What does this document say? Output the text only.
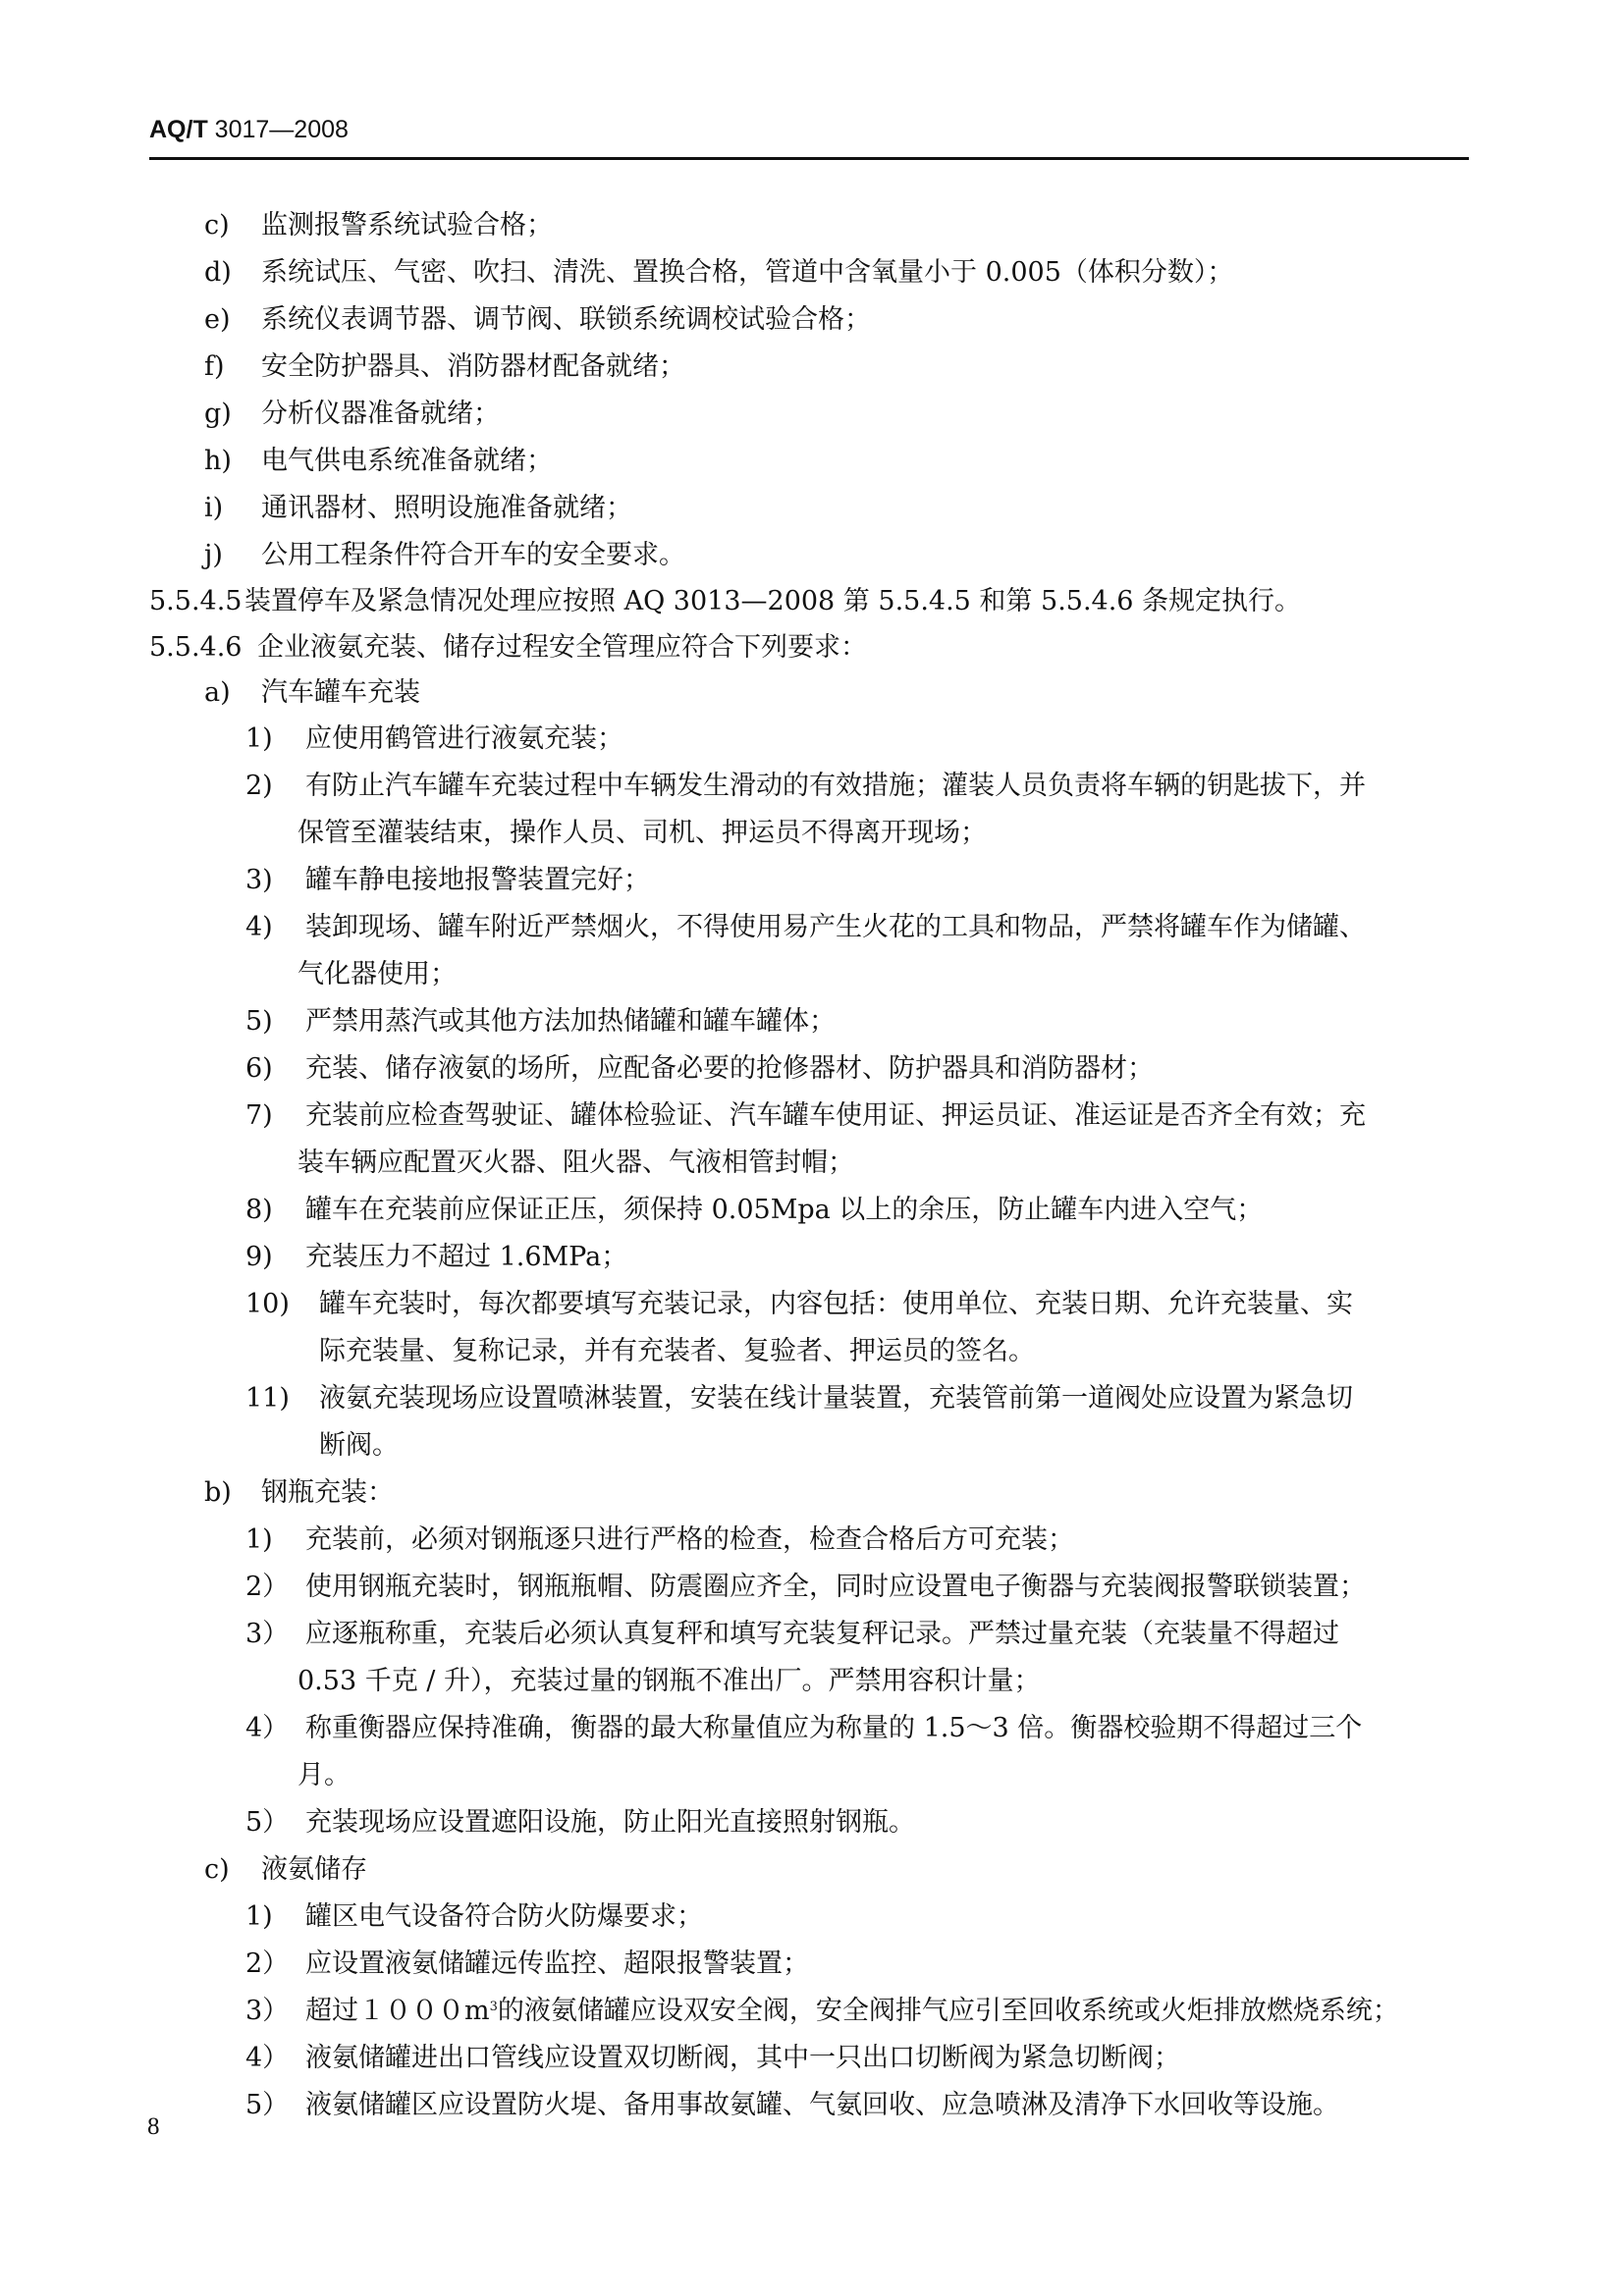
AQ/T 3017—2008
c) 监测报警系统试验合格；
d) 系统试压、气密、吹扫、清洗、置换合格，管道中含氧量小于 0.005（体积分数）；
e) 系统仪表调节器、调节阀、联锁系统调校试验合格；
f) 安全防护器具、消防器材配备就绪；
g) 分析仪器准备就绪；
h) 电气供电系统准备就绪；
i) 通讯器材、照明设施准备就绪；
j) 公用工程条件符合开车的安全要求。
5.5.4.5装置停车及紧急情况处理应按照 AQ 3013—2008 第 5.5.4.5 和第 5.5.4.6 条规定执行。
5.5.4.6 企业液氨充装、储存过程安全管理应符合下列要求：
a) 汽车罐车充装
1) 应使用鹤管进行液氨充装；
2) 有防止汽车罐车充装过程中车辆发生滑动的有效措施；灌装人员负责将车辆的钥匙拔下，并
保管至灌装结束，操作人员、司机、押运员不得离开现场；
3) 罐车静电接地报警装置完好；
4) 装卸现场、罐车附近严禁烟火，不得使用易产生火花的工具和物品，严禁将罐车作为储罐、
气化器使用；
5) 严禁用蒸汽或其他方法加热储罐和罐车罐体；
6) 充装、储存液氨的场所，应配备必要的抢修器材、防护器具和消防器材；
7) 充装前应检查驾驶证、罐体检验证、汽车罐车使用证、押运员证、准运证是否齐全有效；充
装车辆应配置灭火器、阻火器、气液相管封帽；
8) 罐车在充装前应保证正压，须保持 0.05Mpa 以上的余压，防止罐车内进入空气；
9) 充装压力不超过 1.6MPa；
10) 罐车充装时，每次都要填写充装记录，内容包括：使用单位、充装日期、允许充装量、实
际充装量、复称记录，并有充装者、复验者、押运员的签名。
11) 液氨充装现场应设置喷淋装置，安装在线计量装置，充装管前第一道阀处应设置为紧急切
断阀。
b) 钢瓶充装：
1) 充装前，必须对钢瓶逐只进行严格的检查，检查合格后方可充装；
2） 使用钢瓶充装时，钢瓶瓶帽、防震圈应齐全，同时应设置电子衡器与充装阀报警联锁装置；
3） 应逐瓶称重，充装后必须认真复秤和填写充装复秤记录。严禁过量充装（充装量不得超过
0.53 千克 / 升），充装过量的钢瓶不准出厂。严禁用容积计量；
4） 称重衡器应保持准确，衡器的最大称量值应为称量的 1.5～3 倍。衡器校验期不得超过三个
月。
5） 充装现场应设置遮阳设施，防止阳光直接照射钢瓶。
c) 液氨储存
1) 罐区电气设备符合防火防爆要求；
2） 应设置液氨储罐远传监控、超限报警装置；
3） 超过$1000m^3$的液氨储罐应设双安全阀，安全阀排气应引至回收系统或火炬排放燃烧系统；
4） 液氨储罐进出口管线应设置双切断阀，其中一只出口切断阀为紧急切断阀；
5） 液氨储罐区应设置防火堤、备用事故氨罐、气氨回收、应急喷淋及清净下水回收等设施。
8
